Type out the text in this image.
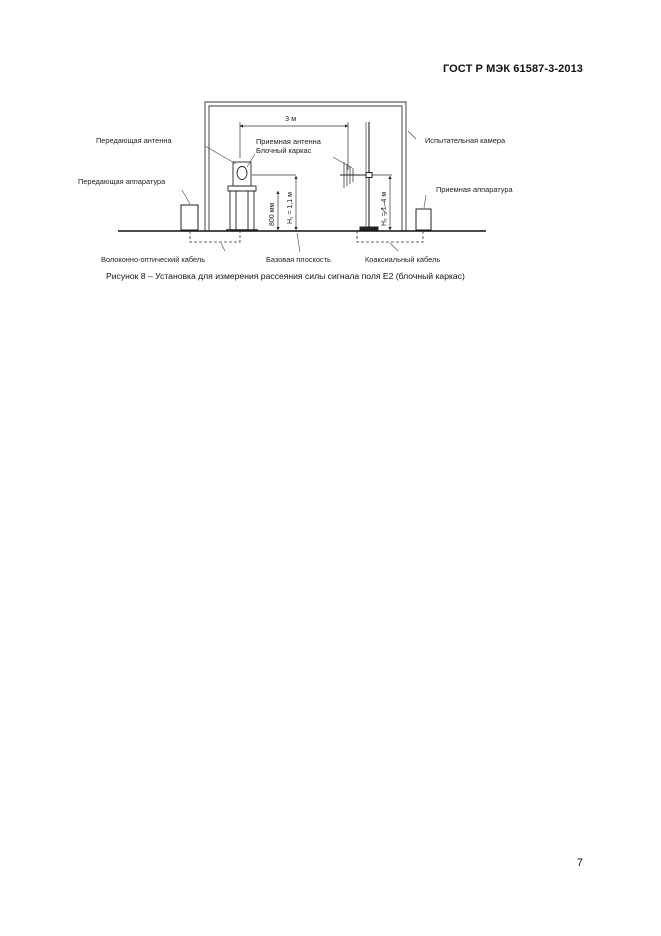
ГОСТ Р МЭК 61587-3-2013
3 м
800 мм H₁ = 1,1 м	H₂ = 1–4 м
Передающая антенна	Приемная антенна
Блочный каркас
Испытательная камера
Передающая аппаратура
Приемная аппаратура
Волоконно-оптический кабель	Базовая плоскость	Коаксиальный кабель
Рисунок 8 – Установка для измерения рассеяния силы сигнала поля Е2 (блочный каркас)
7
